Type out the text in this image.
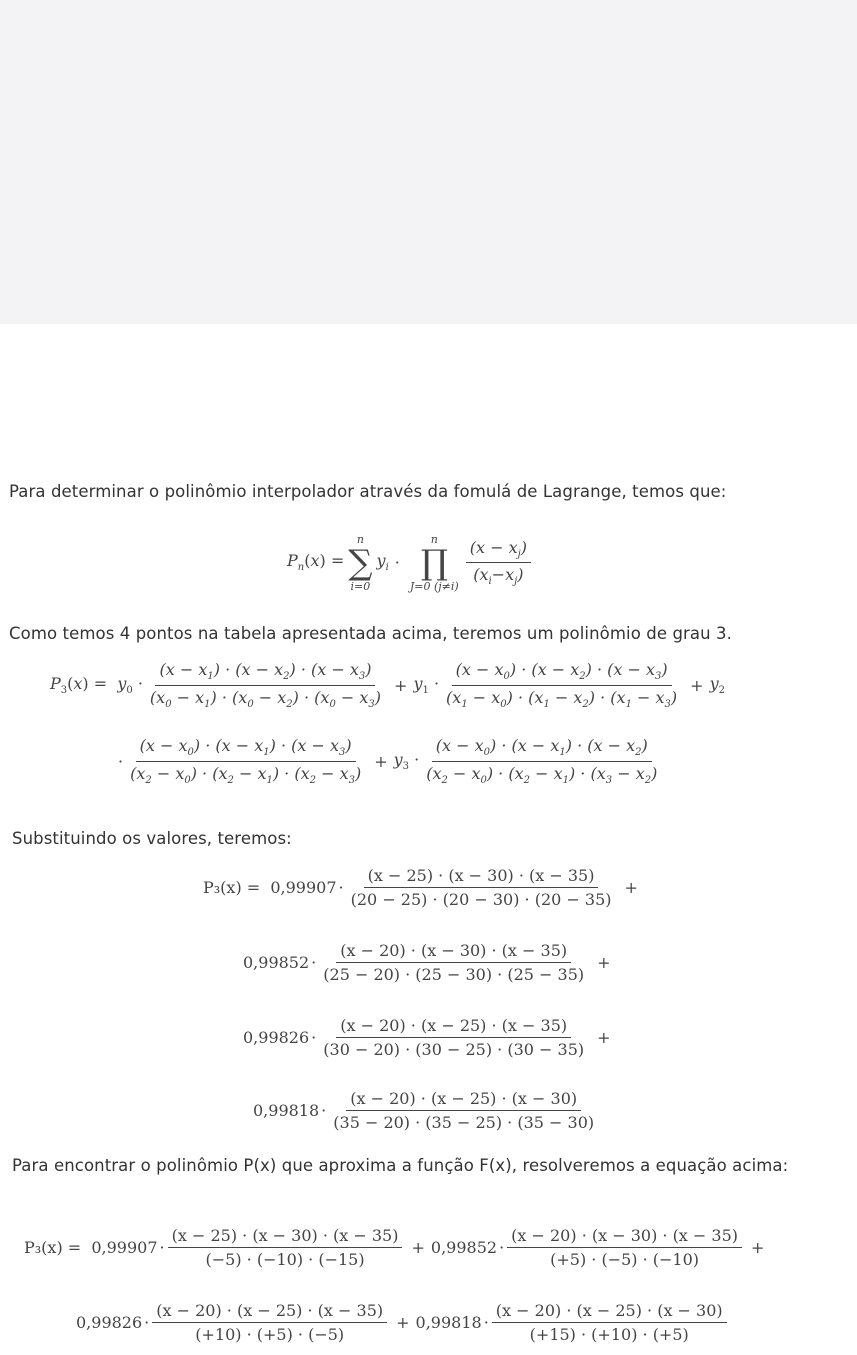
Para determinar o polinômio interpolador através da fomulá de Lagrange, temos que:
$P_n(x)$ =
n
∑
i=0
$y_i$ ·
n
∏
J=0 $(j\ne i) \frac{(x - x_j)}{(x_i-x_j)}$
Como temos 4 pontos na tabela apresentada acima, teremos um polinômio de grau 3.
$P_3(x) = y_0 \cdot \frac{(x - x_1) \cdot (x - x_2) \cdot (x - x_3)}{(x_0 - x_1) \cdot (x_0 - x_2) \cdot (x_0 - x_3)} + y_1 \cdot \frac{(x - x_0) \cdot (x - x_2) \cdot (x - x_3)}{(x_1 - x_0) \cdot (x_1 - x_2) \cdot (x_1 - x_3)} + y_2$
· $\frac{(x - x_0) \cdot (x - x_1) \cdot (x - x_3)}{(x_2 - x_0) \cdot (x_2 - x_1) \cdot (x_2 - x_3)} + y_3 \cdot \frac{(x - x_0) \cdot (x - x_1) \cdot (x - x_2)}{(x_2 - x_0) \cdot (x_2 - x_1) \cdot (x_3 - x_2)}$
Substituindo os valores, teremos:
P₃(x) =
$0,99907 \cdot \frac{(x - 25) \cdot (x - 30) \cdot (x - 35)}{(20 - 25) \cdot (20 - 30) \cdot (20 - 35)}$ +
$0,99852 \cdot \frac{(x - 20) \cdot (x - 30) \cdot (x - 35)}{(25 - 20) \cdot (25 - 30) \cdot (25 - 35)}$ +
$0,99826 \cdot \frac{(x - 20) \cdot (x - 25) \cdot (x - 35)}{(30 - 20) \cdot (30 - 25) \cdot (30 - 35)}$ +
$0,99818 \cdot \frac{(x - 20) \cdot (x - 25) \cdot (x - 30)}{(35 - 20) \cdot (35 - 25) \cdot (35 - 30)}$
Para encontrar o polinômio P(x) que aproxima a função F(x), resolveremos a equação acima:
P₃(x) =
$0,99907 \cdot \frac{(x - 25) \cdot (x - 30) \cdot (x - 35)}{(-5) \cdot (-10) \cdot (-15)} + 0,99852 \cdot \frac{(x - 20) \cdot (x - 30) \cdot (x - 35)}{(+5) \cdot (-5) \cdot (-10)}$ +
$0,99826 \cdot \frac{(x - 20) \cdot (x - 25) \cdot (x - 35)}{(+10) \cdot (+5) \cdot (-5)} + 0,99818 \cdot \frac{(x - 20) \cdot (x - 25) \cdot (x - 30)}{(+15) \cdot (+10) \cdot (+5)}$
